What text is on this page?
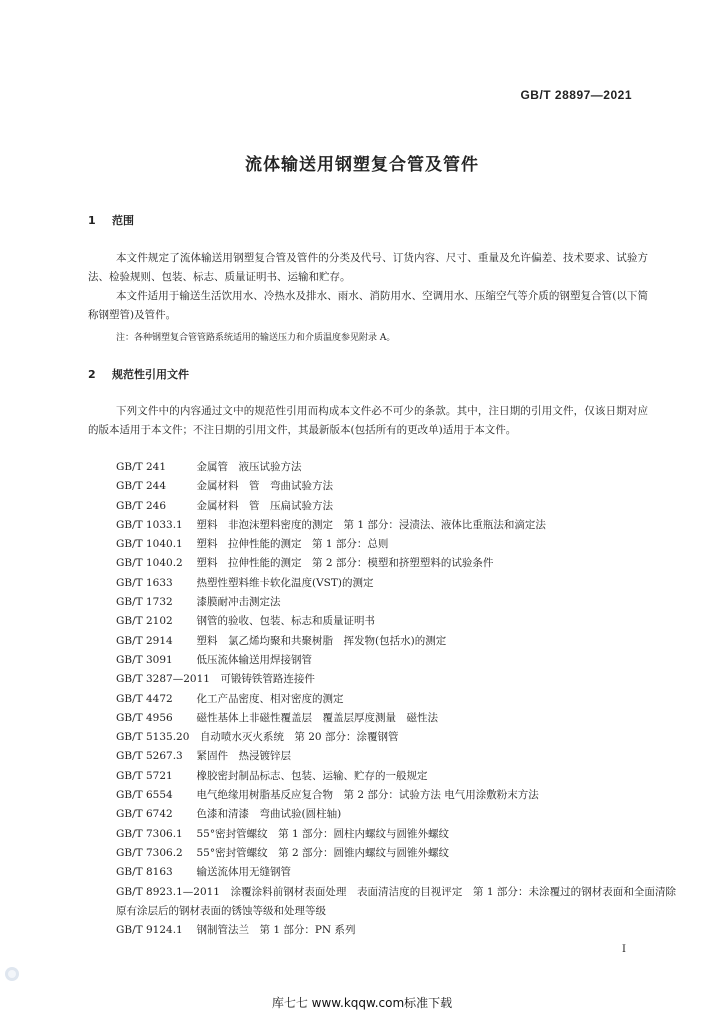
GB/T 28897—2021
流体输送用钢塑复合管及管件
1 范围
本文件规定了流体输送用钢塑复合管及管件的分类及代号、订货内容、尺寸、重量及允许偏差、技术要求、试验方法、检验规则、包装、标志、质量证明书、运输和贮存。
本文件适用于输送生活饮用水、冷热水及排水、雨水、消防用水、空调用水、压缩空气等介质的钢塑复合管(以下简称钢塑管)及管件。
注：各种钢塑复合管管路系统适用的输送压力和介质温度参见附录 A。
2 规范性引用文件
下列文件中的内容通过文中的规范性引用而构成本文件必不可少的条款。其中，注日期的引用文件，仅该日期对应的版本适用于本文件；不注日期的引用文件，其最新版本(包括所有的更改单)适用于本文件。
GB/T 241　	金属管　液压试验方法
GB/T 244　	金属材料　管　弯曲试验方法
GB/T 246　	金属材料　管　压扁试验方法
GB/T 1033.1　 塑料　非泡沫塑料密度的测定　第 1 部分：浸渍法、液体比重瓶法和滴定法
GB/T 1040.1　 塑料　拉伸性能的测定　第 1 部分：总则
GB/T 1040.2　 塑料　拉伸性能的测定　第 2 部分：模塑和挤塑塑料的试验条件
GB/T 1633　 热塑性塑料维卡软化温度(VST)的测定
GB/T 1732　 漆膜耐冲击测定法
GB/T 2102　 钢管的验收、包装、标志和质量证明书
GB/T 2914　 塑料　氯乙烯均聚和共聚树脂　挥发物(包括水)的测定
GB/T 3091　 低压流体输送用焊接钢管
GB/T 3287—2011　 可锻铸铁管路连接件
GB/T 4472　 化工产品密度、相对密度的测定
GB/T 4956　 磁性基体上非磁性覆盖层　覆盖层厚度测量　磁性法
GB/T 5135.20　 自动喷水灭火系统　第 20 部分：涂覆钢管
GB/T 5267.3　 紧固件　热浸镀锌层
GB/T 5721　 橡胶密封制品标志、包装、运输、贮存的一般规定
GB/T 6554　 电气绝缘用树脂基反应复合物　第 2 部分：试验方法 电气用涂敷粉末方法
GB/T 6742　 色漆和清漆　弯曲试验(圆柱轴)
GB/T 7306.1　 55°密封管螺纹　第 1 部分：圆柱内螺纹与圆锥外螺纹
GB/T 7306.2　 55°密封管螺纹　第 2 部分：圆锥内螺纹与圆锥外螺纹
GB/T 8163　 输送流体用无缝钢管
GB/T 8923.1—2011　 涂覆涂料前钢材表面处理　表面清洁度的目视评定　第 1 部分：未涂覆过的钢材表面和全面清除原有涂层后的钢材表面的锈蚀等级和处理等级
GB/T 9124.1　 钢制管法兰　第 1 部分：PN 系列
I
库七七 www.kqqw.com标准下载
